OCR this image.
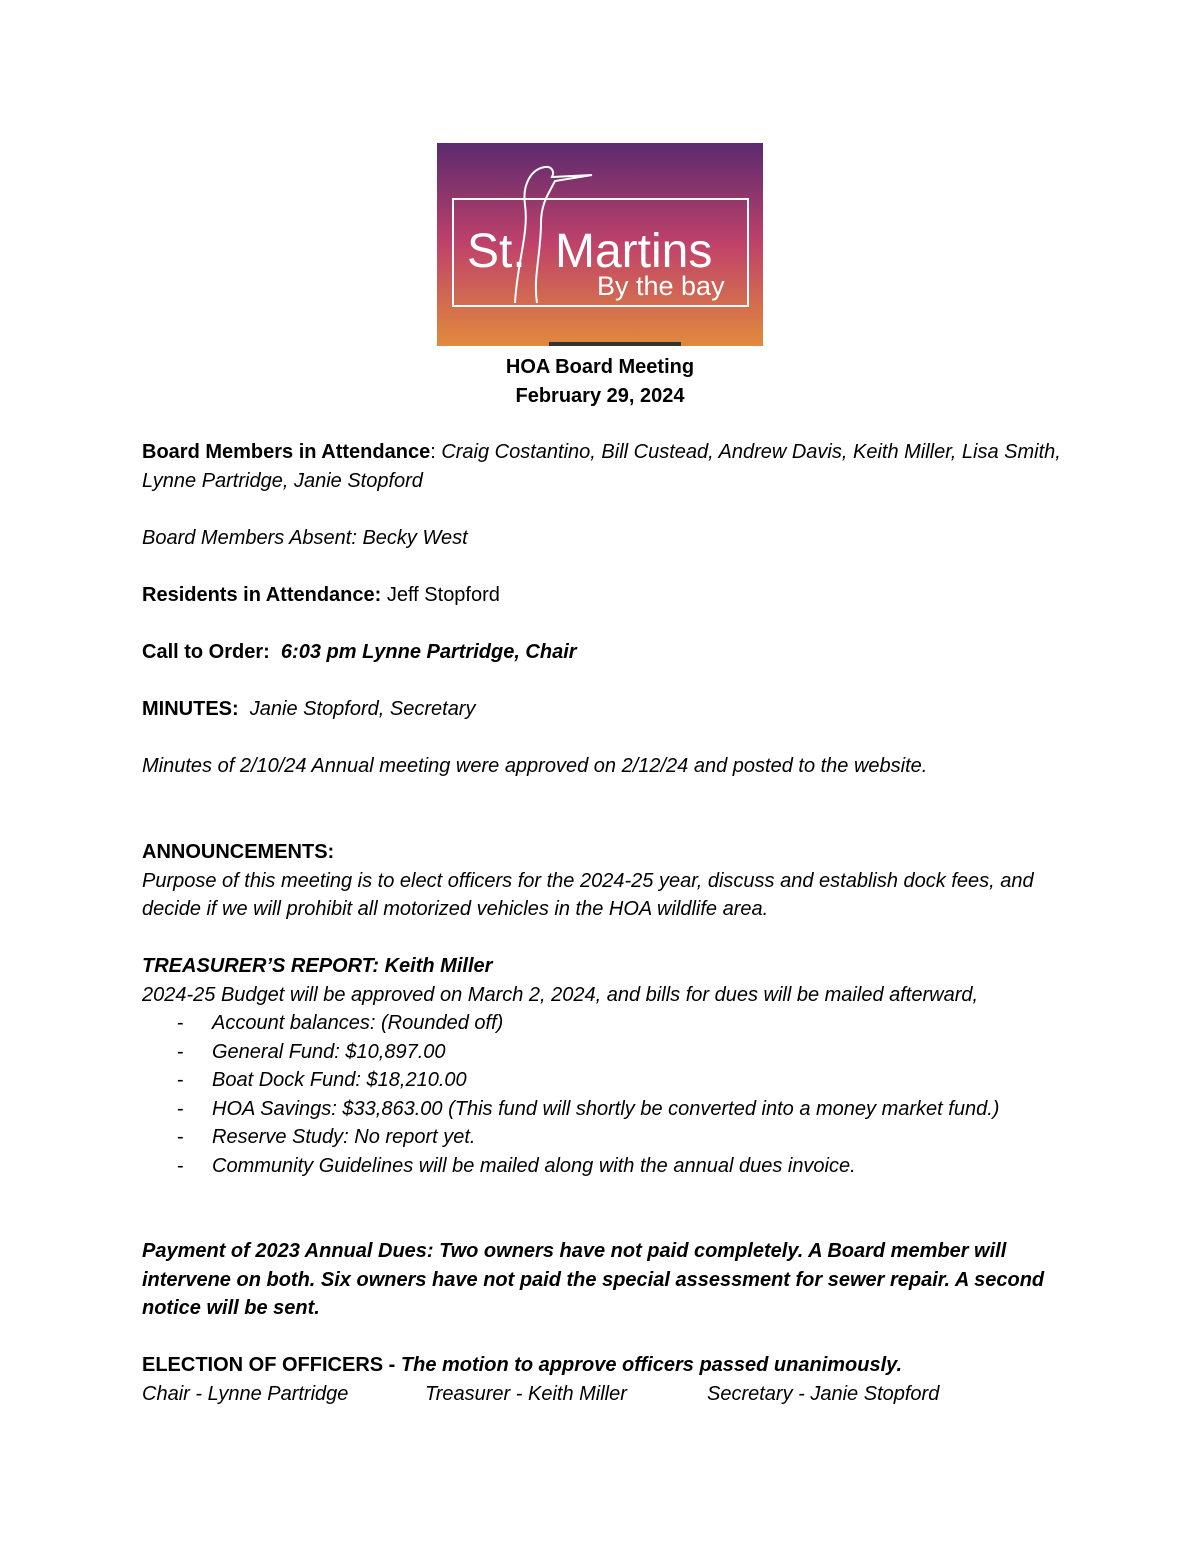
St. Martins
By the bay
HOA Board Meeting
February 29, 2024
Board Members in Attendance: Craig Costantino, Bill Custead, Andrew Davis, Keith Miller, Lisa Smith, Lynne Partridge, Janie Stopford
Board Members Absent: Becky West
Residents in Attendance: Jeff Stopford
Call to Order: 6:03 pm Lynne Partridge, Chair
MINUTES: Janie Stopford, Secretary
Minutes of 2/10/24 Annual meeting were approved on 2/12/24 and posted to the website.
ANNOUNCEMENTS:
Purpose of this meeting is to elect officers for the 2024-25 year, discuss and establish dock fees, and decide if we will prohibit all motorized vehicles in the HOA wildlife area.
TREASURER’S REPORT: Keith Miller
2024-25 Budget will be approved on March 2, 2024, and bills for dues will be mailed afterward,
- Account balances: (Rounded off)
- General Fund: $10,897.00
- Boat Dock Fund: $18,210.00
- HOA Savings: $33,863.00 (This fund will shortly be converted into a money market fund.)
- Reserve Study: No report yet.
- Community Guidelines will be mailed along with the annual dues invoice.
Payment of 2023 Annual Dues: Two owners have not paid completely. A Board member will intervene on both. Six owners have not paid the special assessment for sewer repair. A second notice will be sent.
ELECTION OF OFFICERS - The motion to approve officers passed unanimously.
Chair - Lynne Partridge	Treasurer - Keith Miller	Secretary - Janie Stopford
